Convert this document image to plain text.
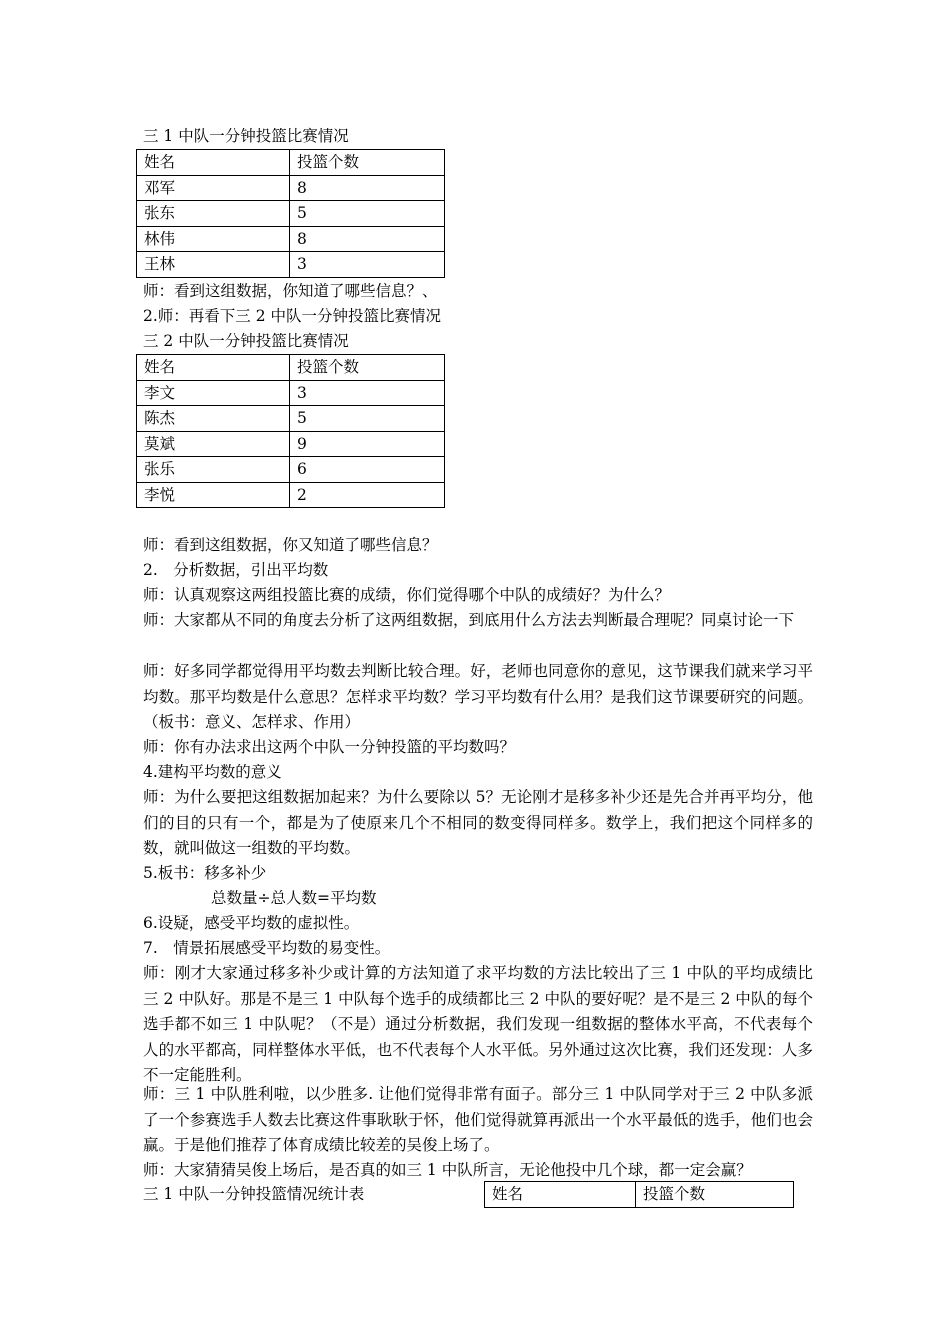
三 1 中队一分钟投篮比赛情况
姓名	投篮个数
邓军	8
张东	5
林伟	8
王林	3
师：看到这组数据，你知道了哪些信息？、
2.师：再看下三 2 中队一分钟投篮比赛情况
三 2 中队一分钟投篮比赛情况
姓名	投篮个数
李文	3
陈杰	5
莫斌	9
张乐	6
李悦	2
师：看到这组数据，你又知道了哪些信息？
2.　分析数据，引出平均数
师：认真观察这两组投篮比赛的成绩，你们觉得哪个中队的成绩好？为什么？
师：大家都从不同的角度去分析了这两组数据，到底用什么方法去判断最合理呢？同桌讨论一下
师：好多同学都觉得用平均数去判断比较合理。好，老师也同意你的意见，这节课我们就来学习平均数。那平均数是什么意思？怎样求平均数？学习平均数有什么用？是我们这节课要研究的问题。（板书：意义、怎样求、作用）
师：你有办法求出这两个中队一分钟投篮的平均数吗？
4.建构平均数的意义
师：为什么要把这组数据加起来？为什么要除以 5？无论刚才是移多补少还是先合并再平均分，他们的目的只有一个，都是为了使原来几个不相同的数变得同样多。数学上，我们把这个同样多的数，就叫做这一组数的平均数。
5.板书：移多补少
总数量÷总人数=平均数
6.设疑，感受平均数的虚拟性。
7.　情景拓展感受平均数的易变性。
师：刚才大家通过移多补少或计算的方法知道了求平均数的方法比较出了三 1 中队的平均成绩比三 2 中队好。那是不是三 1 中队每个选手的成绩都比三 2 中队的要好呢？是不是三 2 中队的每个选手都不如三 1 中队呢？（不是）通过分析数据，我们发现一组数据的整体水平高，不代表每个人的水平都高，同样整体水平低，也不代表每个人水平低。另外通过这次比赛，我们还发现：人多不一定能胜利。
师：三 1 中队胜利啦，以少胜多. 让他们觉得非常有面子。部分三 1 中队同学对于三 2 中队多派了一个参赛选手人数去比赛这件事耿耿于怀，他们觉得就算再派出一个水平最低的选手，他们也会赢。于是他们推荐了体育成绩比较差的吴俊上场了。
师：大家猜猜吴俊上场后，是否真的如三 1 中队所言，无论他投中几个球，都一定会赢？
三 1 中队一分钟投篮情况统计表	姓名	投篮个数
